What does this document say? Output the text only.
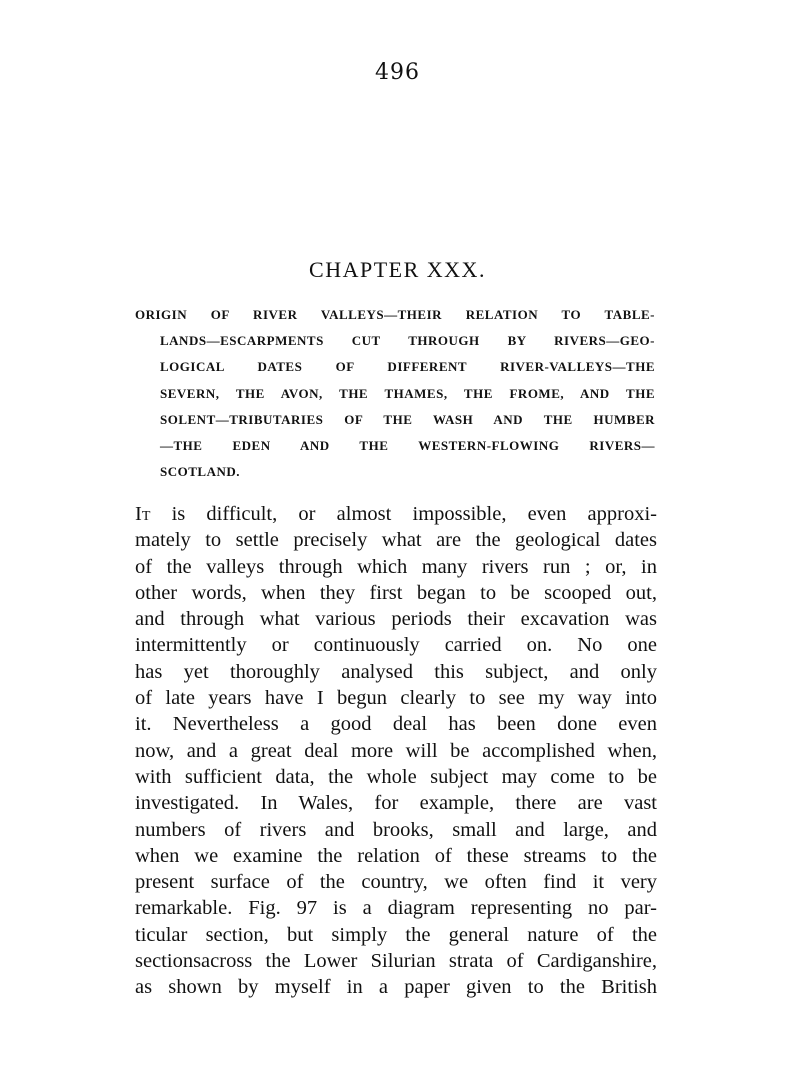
496
CHAPTER XXX.
ORIGIN OF RIVER VALLEYS—THEIR RELATION TO TABLE-
LANDS—ESCARPMENTS CUT THROUGH BY RIVERS—GEO-
LOGICAL DATES OF DIFFERENT RIVER-VALLEYS—THE
SEVERN, THE AVON, THE THAMES, THE FROME, AND THE
SOLENT—TRIBUTARIES OF THE WASH AND THE HUMBER
—THE EDEN AND THE WESTERN-FLOWING RIVERS—
SCOTLAND.
It is difficult, or almost impossible, even approxi-
mately to settle precisely what are the geological dates
of the valleys through which many rivers run ; or, in
other words, when they first began to be scooped out,
and through what various periods their excavation was
intermittently or continuously carried on. No one
has yet thoroughly analysed this subject, and only
of late years have I begun clearly to see my way into
it. Nevertheless a good deal has been done even
now, and a great deal more will be accomplished when,
with sufficient data, the whole subject may come to be
investigated. In Wales, for example, there are vast
numbers of rivers and brooks, small and large, and
when we examine the relation of these streams to the
present surface of the country, we often find it very
remarkable. Fig. 97 is a diagram representing no par-
ticular section, but simply the general nature of the
sectionsacross the Lower Silurian strata of Cardiganshire,
as shown by myself in a paper given to the British
